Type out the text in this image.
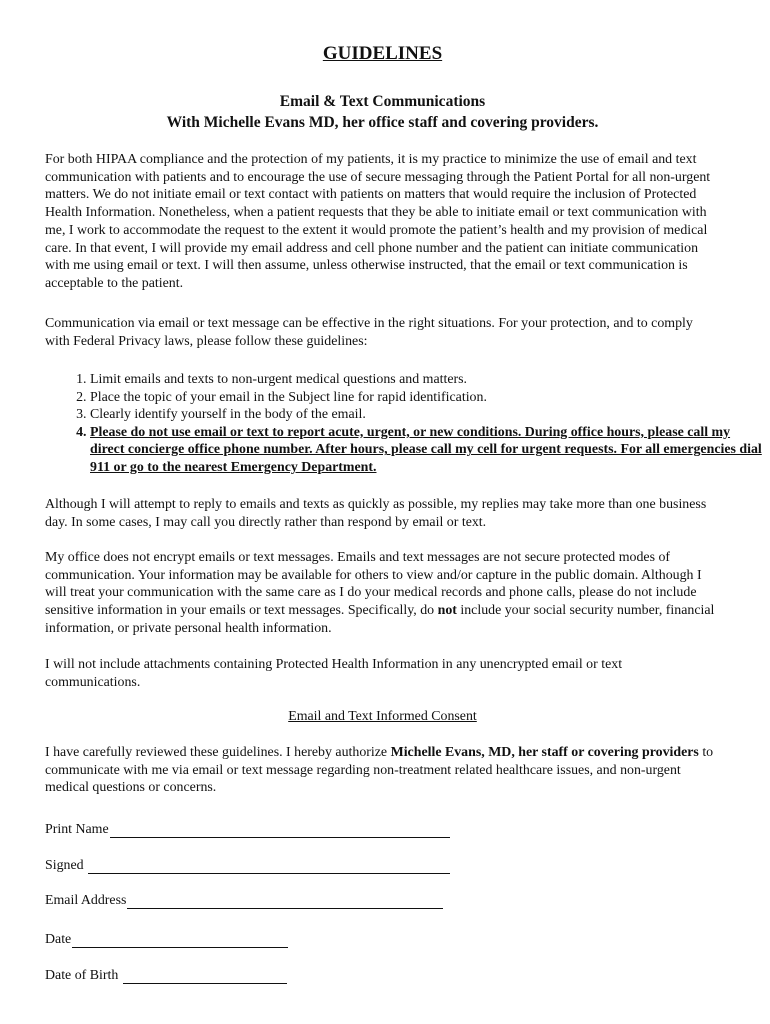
GUIDELINES
Email & Text Communications
With Michelle Evans MD, her office staff and covering providers.

For both HIPAA compliance and the protection of my patients, it is my practice to minimize the use of email and text communication with patients and to encourage the use of secure messaging through the Patient Portal for all non-urgent matters. We do not initiate email or text contact with patients on matters that would require the inclusion of Protected Health Information. Nonetheless, when a patient requests that they be able to initiate email or text communication with me, I work to accommodate the request to the extent it would promote the patient’s health and my provision of medical care. In that event, I will provide my email address and cell phone number and the patient can initiate communication with me using email or text. I will then assume, unless otherwise instructed, that the email or text communication is acceptable to the patient.

Communication via email or text message can be effective in the right situations. For your protection, and to comply with Federal Privacy laws, please follow these guidelines:

1. Limit emails and texts to non-urgent medical questions and matters.
2. Place the topic of your email in the Subject line for rapid identification.
3. Clearly identify yourself in the body of the email.
4. Please do not use email or text to report acute, urgent, or new conditions. During office hours, please call my direct concierge office phone number. After hours, please call my cell for urgent requests. For all emergencies dial 911 or go to the nearest Emergency Department.

Although I will attempt to reply to emails and texts as quickly as possible, my replies may take more than one business day. In some cases, I may call you directly rather than respond by email or text.

My office does not encrypt emails or text messages. Emails and text messages are not secure protected modes of communication. Your information may be available for others to view and/or capture in the public domain. Although I will treat your communication with the same care as I do your medical records and phone calls, please do not include sensitive information in your emails or text messages. Specifically, do not include your social security number, financial information, or private personal health information.

I will not include attachments containing Protected Health Information in any unencrypted email or text communications.

Email and Text Informed Consent

I have carefully reviewed these guidelines. I hereby authorize Michelle Evans, MD, her staff or covering providers to communicate with me via email or text message regarding non-treatment related healthcare issues, and non-urgent medical questions or concerns.

Print Name
Signed
Email Address
Date
Date of Birth
